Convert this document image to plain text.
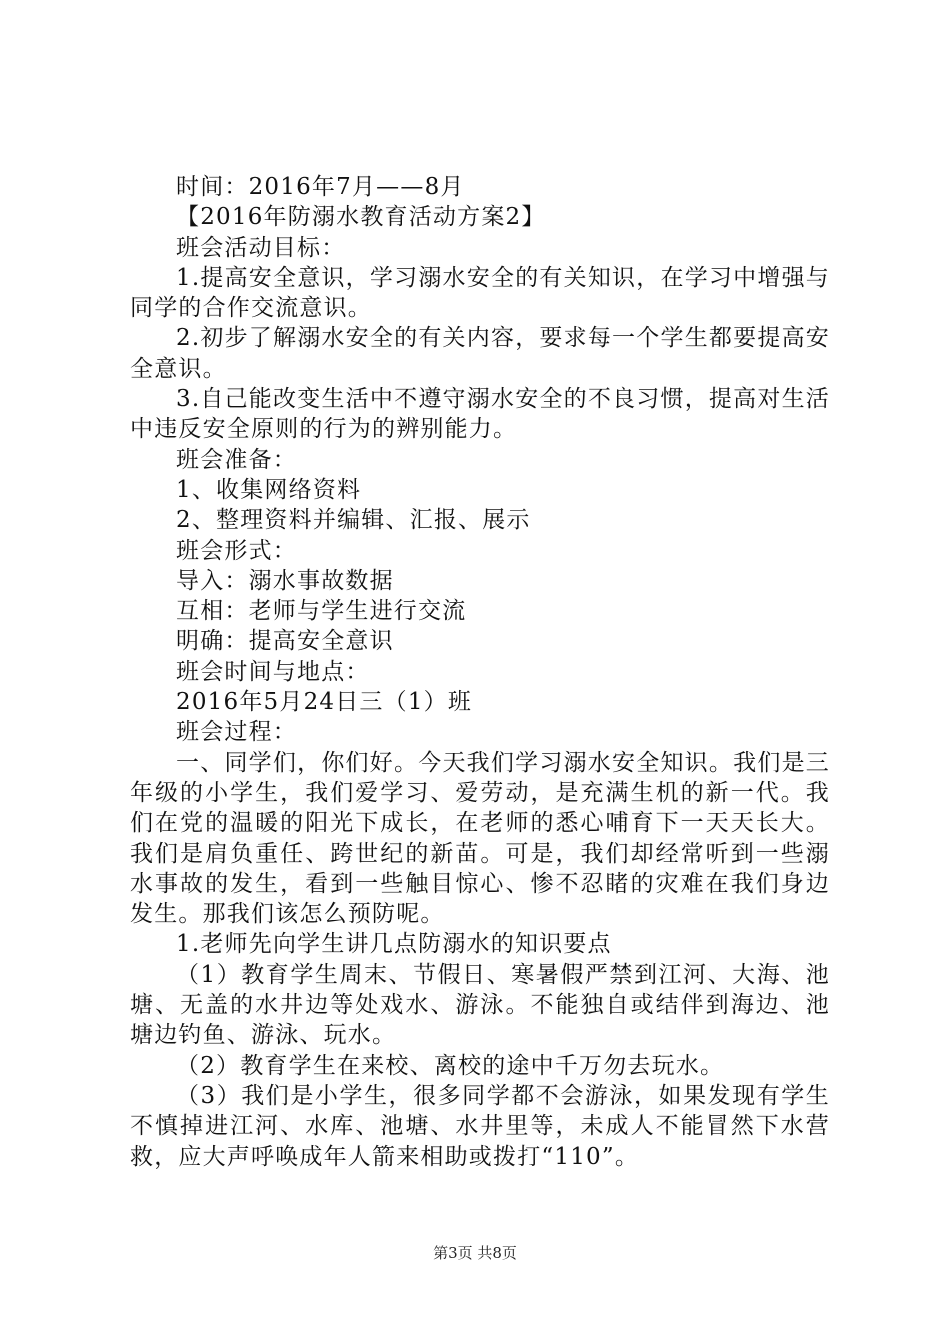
时间：2016年7月——8月

【2016年防溺水教育活动方案2】

班会活动目标：

1.提高安全意识，学习溺水安全的有关知识，在学习中增强与同学的合作交流意识。

2.初步了解溺水安全的有关内容，要求每一个学生都要提高安全意识。

3.自己能改变生活中不遵守溺水安全的不良习惯，提高对生活中违反安全原则的行为的辨别能力。

班会准备：

1、收集网络资料

2、整理资料并编辑、汇报、展示

班会形式：

导入：溺水事故数据

互相：老师与学生进行交流

明确：提高安全意识

班会时间与地点：

2016年5月24日三（1）班

班会过程：

一、同学们，你们好。今天我们学习溺水安全知识。我们是三年级的小学生，我们爱学习、爱劳动，是充满生机的新一代。我们在党的温暖的阳光下成长，在老师的悉心哺育下一天天长大。我们是肩负重任、跨世纪的新苗。可是，我们却经常听到一些溺水事故的发生，看到一些触目惊心、惨不忍睹的灾难在我们身边发生。那我们该怎么预防呢。

1.老师先向学生讲几点防溺水的知识要点

（1）教育学生周末、节假日、寒暑假严禁到江河、大海、池塘、无盖的水井边等处戏水、游泳。不能独自或结伴到海边、池塘边钓鱼、游泳、玩水。

（2）教育学生在来校、离校的途中千万勿去玩水。

（3）我们是小学生，很多同学都不会游泳，如果发现有学生不慎掉进江河、水库、池塘、水井里等，未成人不能冒然下水营救，应大声呼唤成年人箭来相助或拨打“110”。

第3页 共8页
